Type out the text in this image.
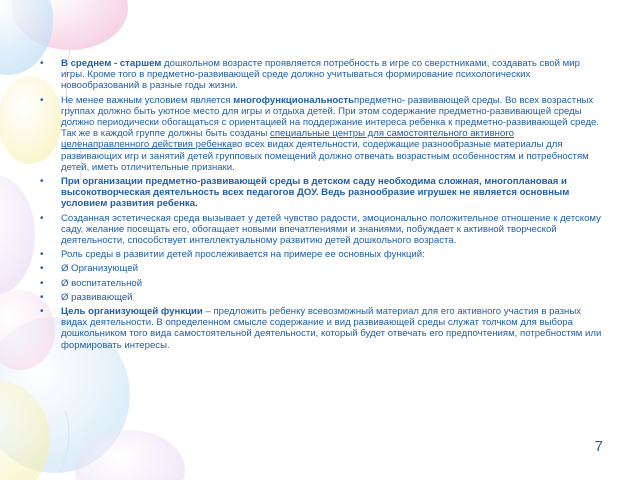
• В среднем - старшем дошкольном возрасте проявляется потребность в игре со сверстниками, создавать свой мир игры. Кроме того в предметно-развивающей среде должно учитываться формирование психологических новообразований в разные годы жизни.
• Не менее важным условием является многофункциональностьпредметно- развивающей среды. Во всех возрастных группах должно быть уютное место для игры и отдыха детей. При этом содержание предметно-развивающей среды должно периодически обогащаться с ориентацией на поддержание интереса ребенка к предметно-развивающей среде. Так же в каждой группе должны быть созданы специальные центры для самостоятельного активного целенаправленного действия ребенкаво всех видах деятельности, содержащие разнообразные материалы для развивающих игр и занятий детей групповых помещений должно отвечать возрастным особенностям и потребностям детей, иметь отличительные признаки.
• При организации предметно-развивающей среды в детском саду необходима сложная, многоплановая и высокотворческая деятельность всех педагогов ДОУ. Ведь разнообразие игрушек не является основным условием развития ребенка.
• Созданная эстетическая среда вызывает у детей чувство радости, эмоционально положительное отношение к детскому саду, желание посещать его, обогащает новыми впечатлениями и знаниями, побуждает к активной творческой деятельности, способствует интеллектуальному развитию детей дошкольного возраста.
• Роль среды в развитии детей прослеживается на примере ее основных функций:
• Ø Организующей
• Ø воспитательной
• Ø развивающей
• Цель организующей функции – предложить ребенку всевозможный материал для его активного участия в разных видах деятельности. В определенном смысле содержание и вид развивающей среды служат толчком для выбора дошкольником того вида самостоятельной деятельности, который будет отвечать его предпочтениям, потребностям или формировать интересы.
7
